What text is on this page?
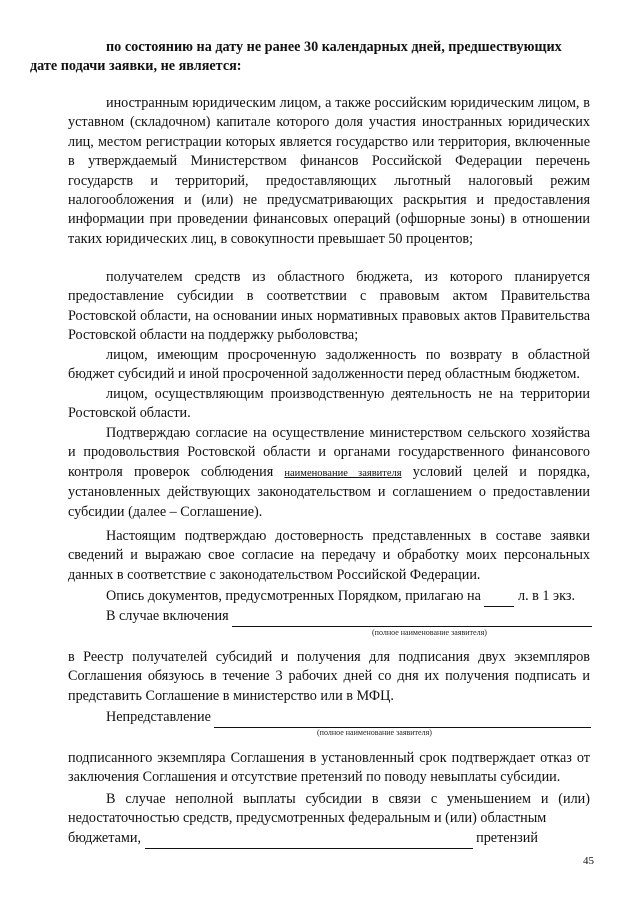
по состоянию на дату не ранее 30 календарных дней, предшествующих
дате подачи заявки, не является:

иностранным юридическим лицом, а также российским юридическим лицом, в уставном (складочном) капитале которого доля участия иностранных юридических лиц, местом регистрации которых является государство или территория, включенные в утверждаемый Министерством финансов Российской Федерации перечень государств и территорий, предоставляющих льготный налоговый режим налогообложения и (или) не предусматривающих раскрытия и предоставления информации при проведении финансовых операций (офшорные зоны) в отношении таких юридических лиц, в совокупности превышает 50 процентов;

получателем средств из областного бюджета, из которого планируется предоставление субсидии в соответствии с правовым актом Правительства Ростовской области, на основании иных нормативных правовых актов Правительства Ростовской области на поддержку рыболовства;

лицом, имеющим просроченную задолженность по возврату в областной бюджет субсидий и иной просроченной задолженности перед областным бюджетом.

лицом, осуществляющим производственную деятельность не на территории Ростовской области.

Подтверждаю согласие на осуществление министерством сельского хозяйства и продовольствия Ростовской области и органами государственного финансового контроля проверок соблюдения наименование заявителя условий целей и порядка, установленных действующих законодательством и соглашением о предоставлении субсидии (далее – Соглашение).

Настоящим подтверждаю достоверность представленных в составе заявки сведений и выражаю свое согласие на передачу и обработку моих персональных данных в соответствие с законодательством Российской Федерации.

Опись документов, предусмотренных Порядком, прилагаю на	л. в 1 экз.

В случае включения

(полное наименование заявителя)

в Реестр получателей субсидий и получения для подписания двух экземпляров Соглашения обязуюсь в течение 3 рабочих дней со дня их получения подписать и представить Соглашение в министерство или в МФЦ.

Непредставление

(полное наименование заявителя)

подписанного экземпляра Соглашения в установленный срок подтверждает отказ от заключения Соглашения и отсутствие претензий по поводу невыплаты субсидии.

В случае неполной выплаты субсидии в связи с уменьшением и (или) недостаточностью средств, предусмотренных федеральным и (или) областным

бюджетами,	претензий

45
